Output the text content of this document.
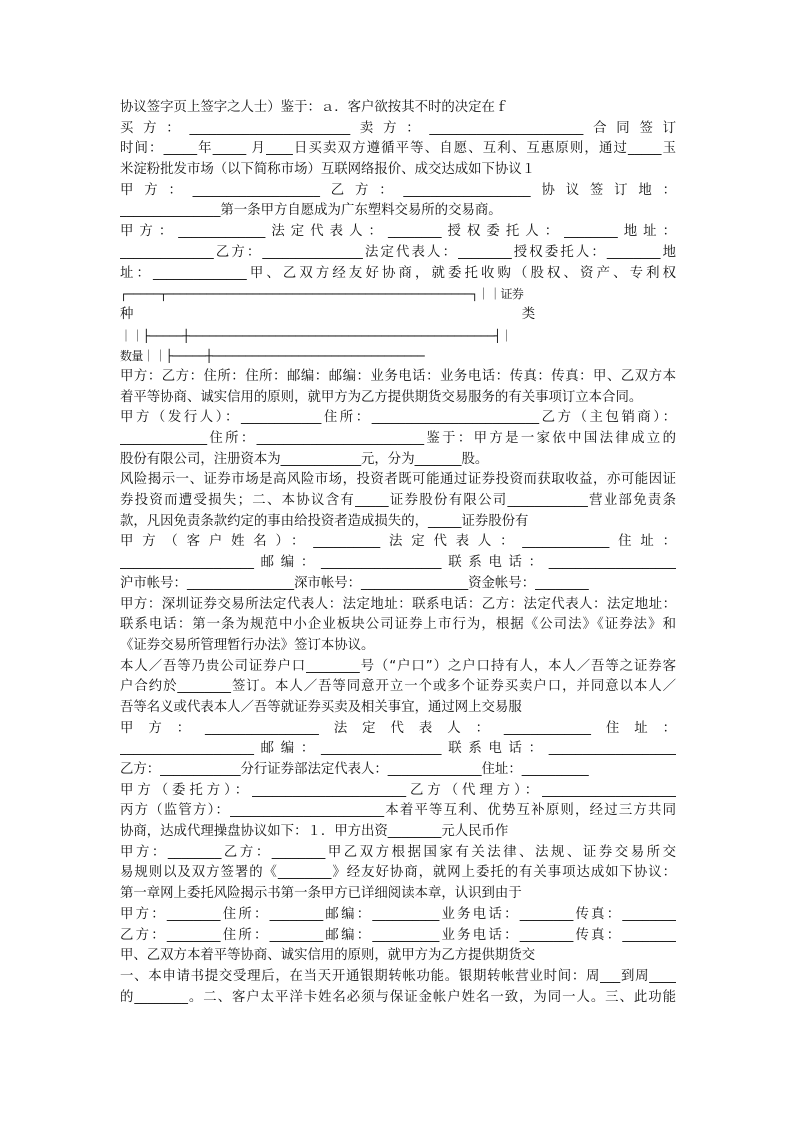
协议签字页上签字之人士）鉴于：ａ．客户欲按其不时的决定在ｆ
买方：________________________卖方：_______________________合同签订
时间：_____年_____ 月____日买卖双方遵循平等、自愿、互利、互惠原则，通过_____玉
米淀粉批发市场（以下简称市场）互联网络报价、成交达成如下协议１
甲方：___________________乙方：___________________协议签订地：
_______________第一条甲方自愿成为广东塑料交易所的交易商。
甲方：_____________法定代表人：________授权委托人：________地址：
______________乙方：_______________法定代表人：________授权委托人：________地
址：______________甲、乙双方经友好协商，就委托收购（股权、资产、专利权
┌─────┬──────────────────────────────────────────────┐｜｜证券
种　　　　　　　　　　　　　　　　　　　　　　　　　　　　　类
｜｜├─────┼──────────────────────────────────────────────┤｜
数量｜｜├─────┼────────────────────────────────
甲方：乙方：住所：住所：邮编：邮编：业务电话：业务电话：传真：传真：甲、乙双方本
着平等协商、诚实信用的原则，就甲方为乙方提供期货交易服务的有关事项订立本合同。
甲方（发行人）：____________住所：_________________________乙方（主包销商）：
_____________住所：_________________________鉴于：甲方是一家依中国法律成立的
股份有限公司，注册资本为____________元，分为_______股。
风险揭示一、证券市场是高风险市场，投资者既可能通过证券投资而获取收益，亦可能因证
券投资而遭受损失；二、本协议含有_____证券股份有限公司____________营业部免责条
款，凡因免责条款约定的事由给投资者造成损失的，_____证券股份有
甲方（客户姓名）：__________法定代表人：_____________住址：
____________________邮编：__________________联系电话：___________________
沪市帐号：________________深市帐号：________________资金帐号：________
甲方：深圳证券交易所法定代表人：法定地址：联系电话：乙方：法定代表人：法定地址：
联系电话：第一条为规范中小企业板块公司证券上市行为，根据《公司法》《证券法》和
《证券交易所管理暂行办法》签订本协议。
本人／吾等乃贵公司证券户口________号（“户口”）之户口持有人，本人／吾等之证券客
户合约於________签订。本人／吾等同意开立一个或多个证券买卖户口，并同意以本人／
吾等名义或代表本人／吾等就证券买卖及相关事宜，通过网上交易服
甲方：_________________法定代表人：_____________住址：
____________________邮编：__________________联系电话：___________________
乙方：____________分行证券部法定代表人：______________住址：__________
甲方（委托方）：_______________________乙方（代理方）：____________________
丙方（监管方）：_______________________本着平等互利、优势互补原则，经过三方共同
协商，达成代理操盘协议如下：１．甲方出资________元人民币作
甲方：________乙方：________甲乙双方根据国家有关法律、法规、证券交易所交
易规则以及双方签署的《________》经友好协商，就网上委托的有关事项达成如下协议：
第一章网上委托风险揭示书第一条甲方已详细阅读本章，认识到由于
甲方：________住所：________邮编：__________业务电话：________传真：________
乙方：________住所：________邮编：__________业务电话：________传真：________
甲、乙双方本着平等协商、诚实信用的原则，就甲方为乙方提供期货交
一、本申请书提交受理后，在当天开通银期转帐功能。银期转帐营业时间：周___到周____
的________。二、客户太平洋卡姓名必须与保证金帐户姓名一致，为同一人。三、此功能
